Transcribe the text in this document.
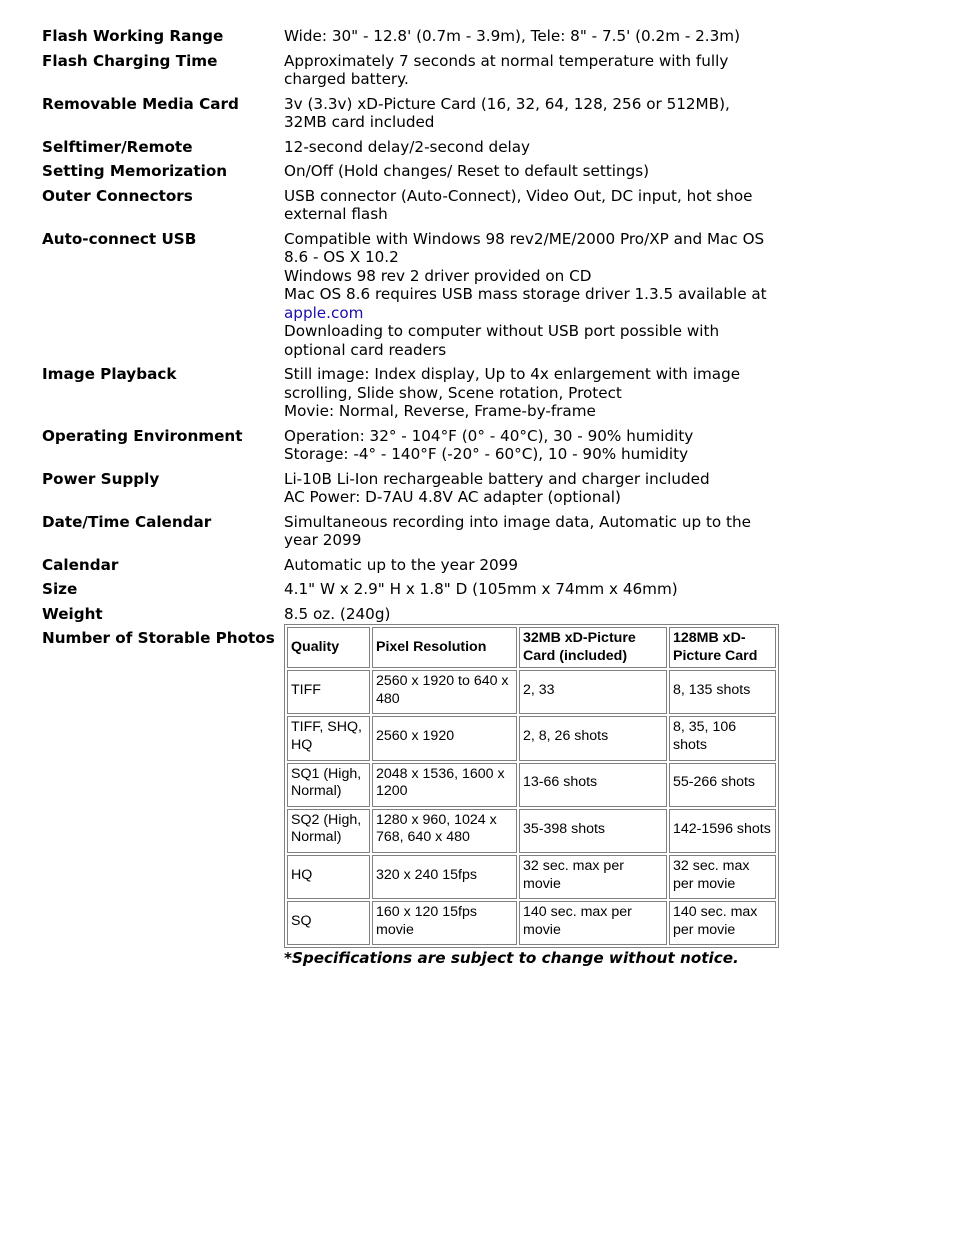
Flash Working Range	Wide: 30" - 12.8' (0.7m - 3.9m), Tele: 8" - 7.5' (0.2m - 2.3m)

Flash Charging Time	Approximately 7 seconds at normal temperature with fully
charged battery.

Removable Media Card	3v (3.3v) xD-Picture Card (16, 32, 64, 128, 256 or 512MB),
32MB card included

Selftimer/Remote	12-second delay/2-second delay

Setting Memorization	On/Off (Hold changes/ Reset to default settings)

Outer Connectors	USB connector (Auto-Connect), Video Out, DC input, hot shoe
external flash

Auto-connect USB	Compatible with Windows 98 rev2/ME/2000 Pro/XP and Mac OS
8.6 - OS X 10.2
Windows 98 rev 2 driver provided on CD
Mac OS 8.6 requires USB mass storage driver 1.3.5 available at
apple.com
Downloading to computer without USB port possible with
optional card readers

Image Playback	Still image: Index display, Up to 4x enlargement with image
scrolling, Slide show, Scene rotation, Protect
Movie: Normal, Reverse, Frame-by-frame

Operating Environment	Operation: 32° - 104°F (0° - 40°C), 30 - 90% humidity
Storage: -4° - 140°F (-20° - 60°C), 10 - 90% humidity

Power Supply	Li-10B Li-Ion rechargeable battery and charger included
AC Power: D-7AU 4.8V AC adapter (optional)

Date/Time Calendar	Simultaneous recording into image data, Automatic up to the
year 2099

Calendar	Automatic up to the year 2099

Size	4.1" W x 2.9" H x 1.8" D (105mm x 74mm x 46mm)

Weight	8.5 oz. (240g)

Number of Storable Photos	Quality	Pixel Resolution	32MB xD-Picture Card (included)	128MB xD-Picture Card
TIFF	2560 x 1920 to 640 x 480	2, 33	8, 135 shots
TIFF, SHQ, HQ	2560 x 1920	2, 8, 26 shots	8, 35, 106 shots
SQ1 (High, Normal)	2048 x 1536, 1600 x 1200	13-66 shots	55-266 shots
SQ2 (High, Normal)	1280 x 960, 1024 x 768, 640 x 480	35-398 shots	142-1596 shots
HQ	320 x 240 15fps	32 sec. max per movie	32 sec. max per movie
SQ	160 x 120 15fps movie	140 sec. max per movie	140 sec. max per movie
*Specifications are subject to change without notice.
